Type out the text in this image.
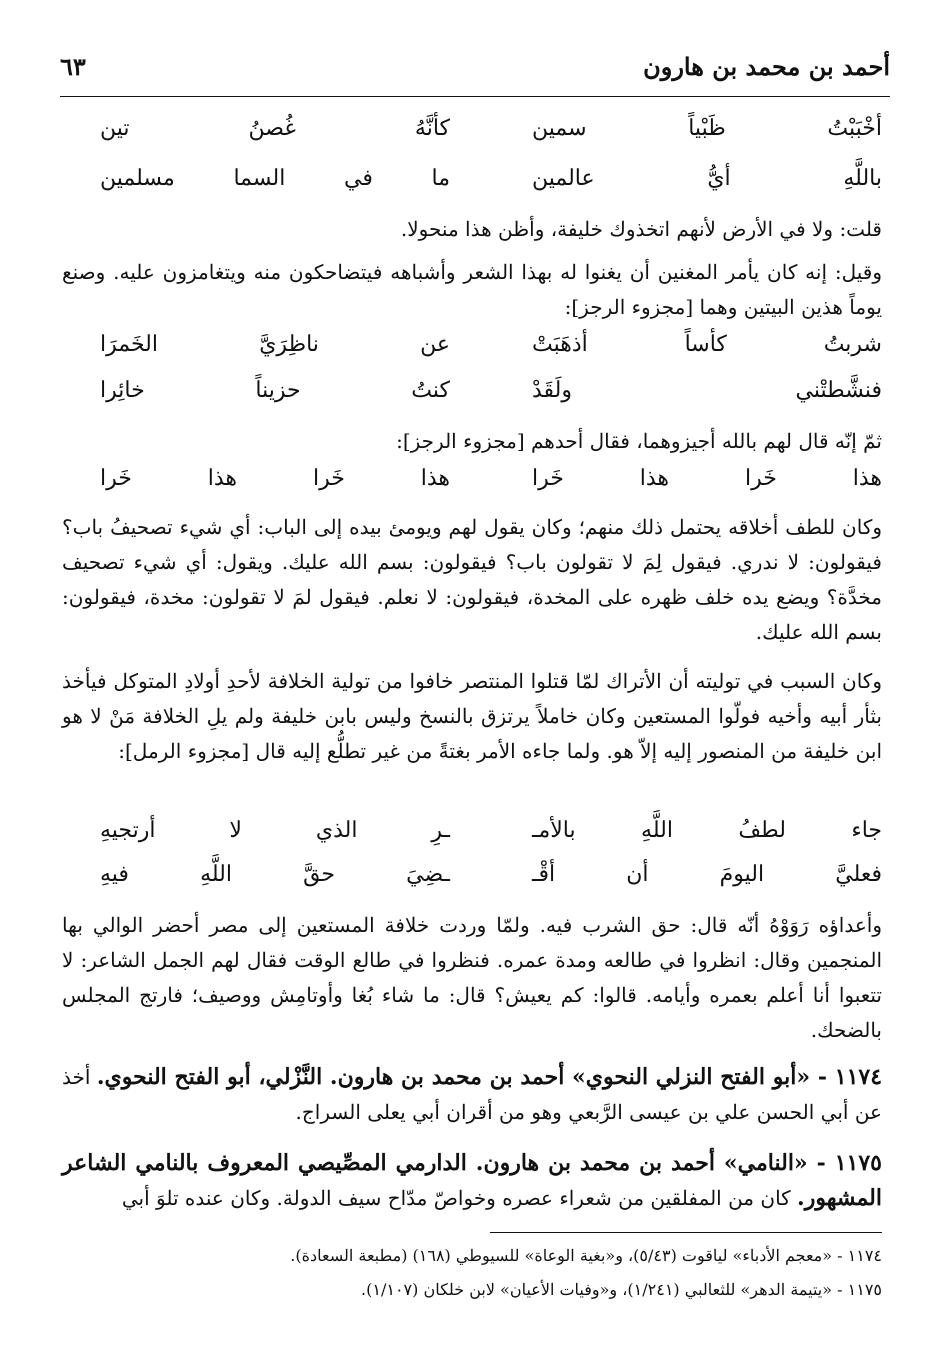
أحمد بن محمد بن هارون
٦٣
أخْبَبْتُ ظَبْياً سمين
كأنَّهُ غُصنُ تين
باللَّهِ أيُّ عالمين
ما في السما مسلمين
قلت: ولا في الأرض لأنهم اتخذوك خليفة، وأظن هذا منحولا.
وقيل: إنه كان يأمر المغنين أن يغنوا له بهذا الشعر وأشباهه فيتضاحكون منه ويتغامزون عليه. وصنع يوماً هذين البيتين وهما [مجزوء الرجز]:
شربتُ كأساً أذهَبَتْ
عن ناظِرَيَّ الخَمرَا
فنشَّطتْني ولَقَدْ
كنتُ حزيناً خائِرا
ثمّ إنّه قال لهم بالله أجيزوهما، فقال أحدهم [مجزوء الرجز]:
هذا خَرا هذا خَرا
هذا خَرا هذا خَرا
وكان للطف أخلاقه يحتمل ذلك منهم؛ وكان يقول لهم ويومئ بيده إلى الباب: أي شيء تصحيفُ باب؟ فيقولون: لا ندري. فيقول لِمَ لا تقولون باب؟ فيقولون: بسم الله عليك. ويقول: أي شيء تصحيف مخدَّة؟ ويضع يده خلف ظهره على المخدة، فيقولون: لا نعلم. فيقول لمَ لا تقولون: مخدة، فيقولون: بسم الله عليك.
وكان السبب في توليته أن الأتراك لمّا قتلوا المنتصر خافوا من تولية الخلافة لأحدِ أولادِ المتوكل فيأخذ بثأر أبيه وأخيه فولّوا المستعين وكان خاملاً يرتزق بالنسخ وليس بابن خليفة ولم يلِ الخلافة مَنْ لا هو ابن خليفة من المنصور إليه إلاّ هو. ولما جاءه الأمر بغتةً من غير تطلُّع إليه قال [مجزوء الرمل]:
جاء لطفُ اللَّهِ بالأمـ
ـرِ الذي لا أرتجيهِ
فعليَّ اليومَ أن أقْـ
ـضِيَ حقَّ اللَّهِ فيهِ
وأعداؤه رَوَوْهُ أنّه قال: حق الشرب فيه. ولمّا وردت خلافة المستعين إلى مصر أحضر الوالي بها المنجمين وقال: انظروا في طالعه ومدة عمره. فنظروا في طالع الوقت فقال لهم الجمل الشاعر: لا تتعبوا أنا أعلم بعمره وأيامه. قالوا: كم يعيش؟ قال: ما شاء بُغا وأوتامِش ووصيف؛ فارتج المجلس بالضحك.
١١٧٤ - «أبو الفتح النزلي النحوي» أحمد بن محمد بن هارون. النَّزْلي، أبو الفتح النحوي. أخذ عن أبي الحسن علي بن عيسى الرَّبعي وهو من أقران أبي يعلى السراج.
١١٧٥ - «النامي» أحمد بن محمد بن هارون. الدارمي المصِّيصي المعروف بالنامي الشاعر المشهور. كان من المفلقين من شعراء عصره وخواصّ مدّاح سيف الدولة. وكان عنده تلوَ أبي
١١٧٤ - «معجم الأدباء» لياقوت (٥/٤٣)، و«بغية الوعاة» للسيوطي (١٦٨) (مطبعة السعادة).
١١٧٥ - «يتيمة الدهر» للثعالبي (١/٢٤١)، و«وفيات الأعيان» لابن خلكان (١/١٠٧).
